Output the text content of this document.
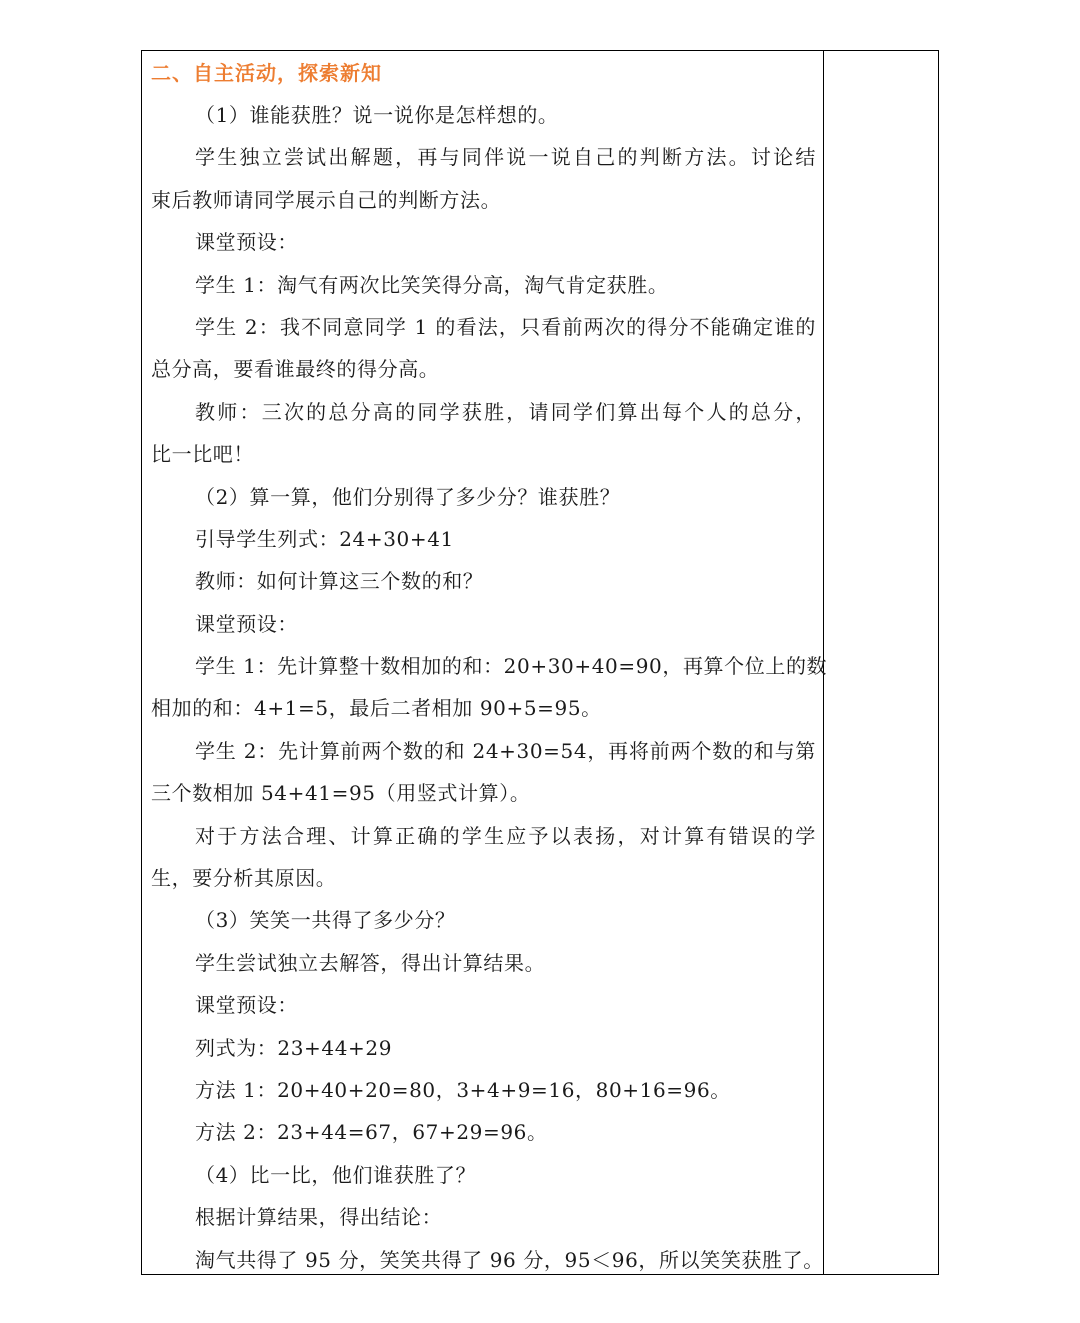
二、自主活动，探索新知
（1）谁能获胜？说一说你是怎样想的。
学生独立尝试出解题，再与同伴说一说自己的判断方法。讨论结
束后教师请同学展示自己的判断方法。
课堂预设：
学生 1：淘气有两次比笑笑得分高，淘气肯定获胜。
学生 2：我不同意同学 1 的看法，只看前两次的得分不能确定谁的
总分高，要看谁最终的得分高。
教师：三次的总分高的同学获胜，请同学们算出每个人的总分，
比一比吧！
（2）算一算，他们分别得了多少分？谁获胜？
引导学生列式：24+30+41
教师：如何计算这三个数的和？
课堂预设：
学生 1：先计算整十数相加的和：20+30+40=90，再算个位上的数
相加的和：4+1=5，最后二者相加 90+5=95。
学生 2：先计算前两个数的和 24+30=54，再将前两个数的和与第
三个数相加 54+41=95（用竖式计算）。
对于方法合理、计算正确的学生应予以表扬，对计算有错误的学
生，要分析其原因。
（3）笑笑一共得了多少分？
学生尝试独立去解答，得出计算结果。
课堂预设：
列式为：23+44+29
方法 1：20+40+20=80，3+4+9=16，80+16=96。
方法 2：23+44=67，67+29=96。
（4）比一比，他们谁获胜了？
根据计算结果，得出结论：
淘气共得了 95 分，笑笑共得了 96 分，95＜96，所以笑笑获胜了。
